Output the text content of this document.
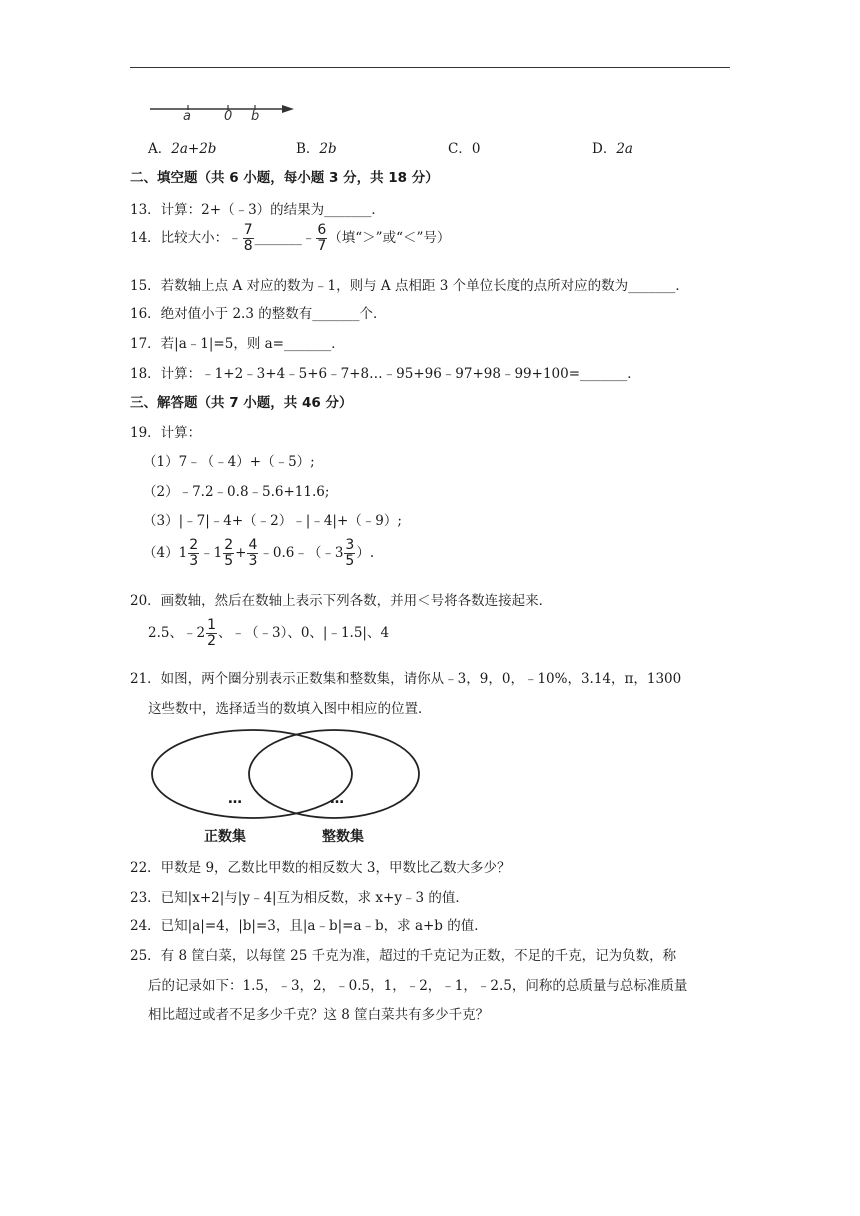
a	0 b
A．2a+2b	B．2b	C．0	D．2a
二、填空题（共 6 小题，每小题 3 分，共 18 分）
13．计算：2+（﹣3）的结果为_______．
14．比较大小：﹣ $\frac{7}{8}$ _______﹣ $\frac{6}{7}$ （填“＞”或“＜”号）
15．若数轴上点 A 对应的数为﹣1，则与 A 点相距 3 个单位长度的点所对应的数为_______．
16．绝对值小于 2.3 的整数有_______个．
17．若|a﹣1|=5，则 a=_______．
18．计算：﹣1+2﹣3+4﹣5+6﹣7+8…﹣95+96﹣97+98﹣99+100=_______．
三、解答题（共 7 小题，共 46 分）
19．计算：
（1）7﹣（﹣4）+（﹣5）;
（2）﹣7.2﹣0.8﹣5.6+11.6;
（3）|﹣7|﹣4+（﹣2）﹣|﹣4|+（﹣9）;
$(4)1 \frac{2}{3}$ ﹣1 $\frac{2}{5} + \frac{4}{3}$ ﹣0.6﹣（﹣3 $\frac{3}{5}$ ）.
20．画数轴，然后在数轴上表示下列各数，并用＜号将各数连接起来．
2.5、﹣2 $\frac{1}{2}$ 、﹣（﹣3）、0、|﹣1.5|、4
21．如图，两个圈分别表示正数集和整数集，请你从﹣3，9，0，﹣10%，3.14，π，1300
这些数中，选择适当的数填入图中相应的位置．
…	…
正数集	整数集
22．甲数是 9，乙数比甲数的相反数大 3，甲数比乙数大多少？
23．已知|x+2|与|y﹣4|互为相反数，求 x+y﹣3 的值．
24．已知|a|=4，|b|=3，且|a﹣b|=a﹣b，求 a+b 的值．
25．有 8 筐白菜，以每筐 25 千克为准，超过的千克记为正数，不足的千克，记为负数，称
后的记录如下：1.5，﹣3，2，﹣0.5，1，﹣2，﹣1，﹣2.5，问称的总质量与总标准质量
相比超过或者不足多少千克？这 8 筐白菜共有多少千克？
